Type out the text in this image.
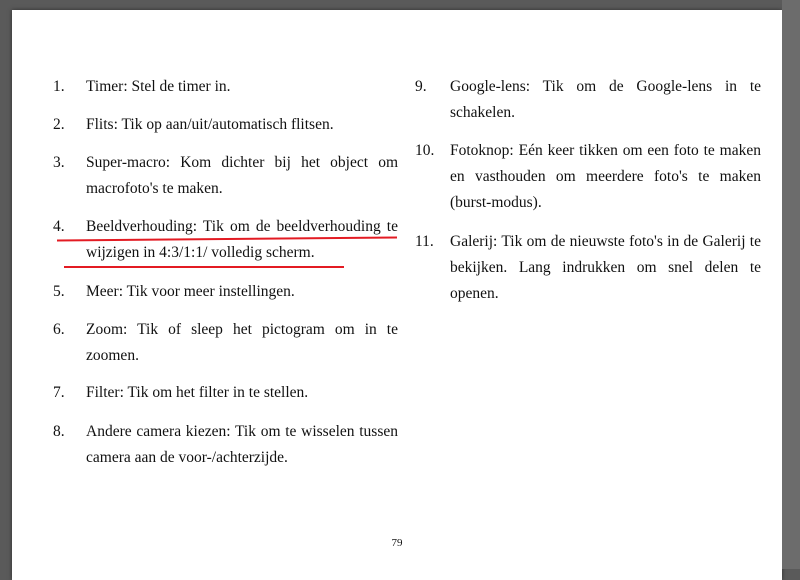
1. Timer: Stel de timer in.
2. Flits: Tik op aan/uit/automatisch flitsen.
3. Super-macro: Kom dichter bij het object om macrofoto's te maken.
4. Beeldverhouding: Tik om de beeldverhouding te wijzigen in 4:3/1:1/ volledig scherm.
5. Meer: Tik voor meer instellingen.
6. Zoom: Tik of sleep het pictogram om in te zoomen.
7. Filter: Tik om het filter in te stellen.
8. Andere camera kiezen: Tik om te wisselen tussen camera aan de voor-/achterzijde.
9. Google-lens: Tik om de Google-lens in te schakelen.
10. Fotoknop: Eén keer tikken om een foto te maken en vasthouden om meerdere foto's te maken (burst-modus).
11. Galerij: Tik om de nieuwste foto's in de Galerij te bekijken. Lang indrukken om snel delen te openen.
79
